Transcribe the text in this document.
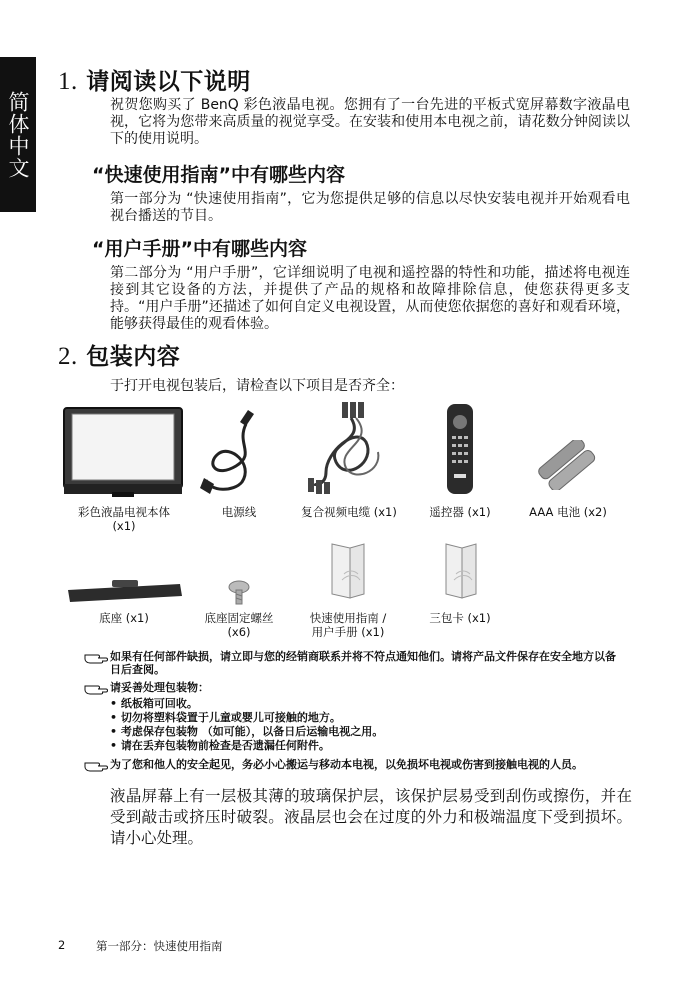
简体中文
1. 请阅读以下说明
祝贺您购买了 BenQ 彩色液晶电视。您拥有了一台先进的平板式宽屏幕数字液晶电视，它将为您带来高质量的视觉享受。在安装和使用本电视之前，请花数分钟阅读以下的使用说明。
“快速使用指南”中有哪些内容
第一部分为 “快速使用指南”，它为您提供足够的信息以尽快安装电视并开始观看电视台播送的节目。
“用户手册”中有哪些内容
第二部分为 “用户手册”，它详细说明了电视和遥控器的特性和功能，描述将电视连接到其它设备的方法，并提供了产品的规格和故障排除信息，使您获得更多支持。“用户手册”还描述了如何自定义电视设置，从而使您依据您的喜好和观看环境，能够获得最佳的观看体验。
2. 包装内容
于打开电视包装后，请检查以下项目是否齐全：
彩色液晶电视本体
(x1)
电源线	复合视频电缆 (x1)	遥控器 (x1)	AAA 电池 (x2)
底座 (x1)	底座固定螺丝
(x6)
快速使用指南 /
用户手册 (x1)
三包卡 (x1)
如果有任何部件缺损，请立即与您的经销商联系并将不符点通知他们。请将产品文件保存在安全地方以备日后查阅。
请妥善处理包装物：
• 纸板箱可回收。
• 切勿将塑料袋置于儿童或婴儿可接触的地方。
• 考虑保存包装物 （如可能），以备日后运输电视之用。
• 请在丢弃包装物前检查是否遗漏任何附件。
为了您和他人的安全起见，务必小心搬运与移动本电视，以免损坏电视或伤害到接触电视的人员。
液晶屏幕上有一层极其薄的玻璃保护层，该保护层易受到刮伤或擦伤，并在受到敲击或挤压时破裂。液晶层也会在过度的外力和极端温度下受到损坏。请小心处理。
2	第一部分：快速使用指南
